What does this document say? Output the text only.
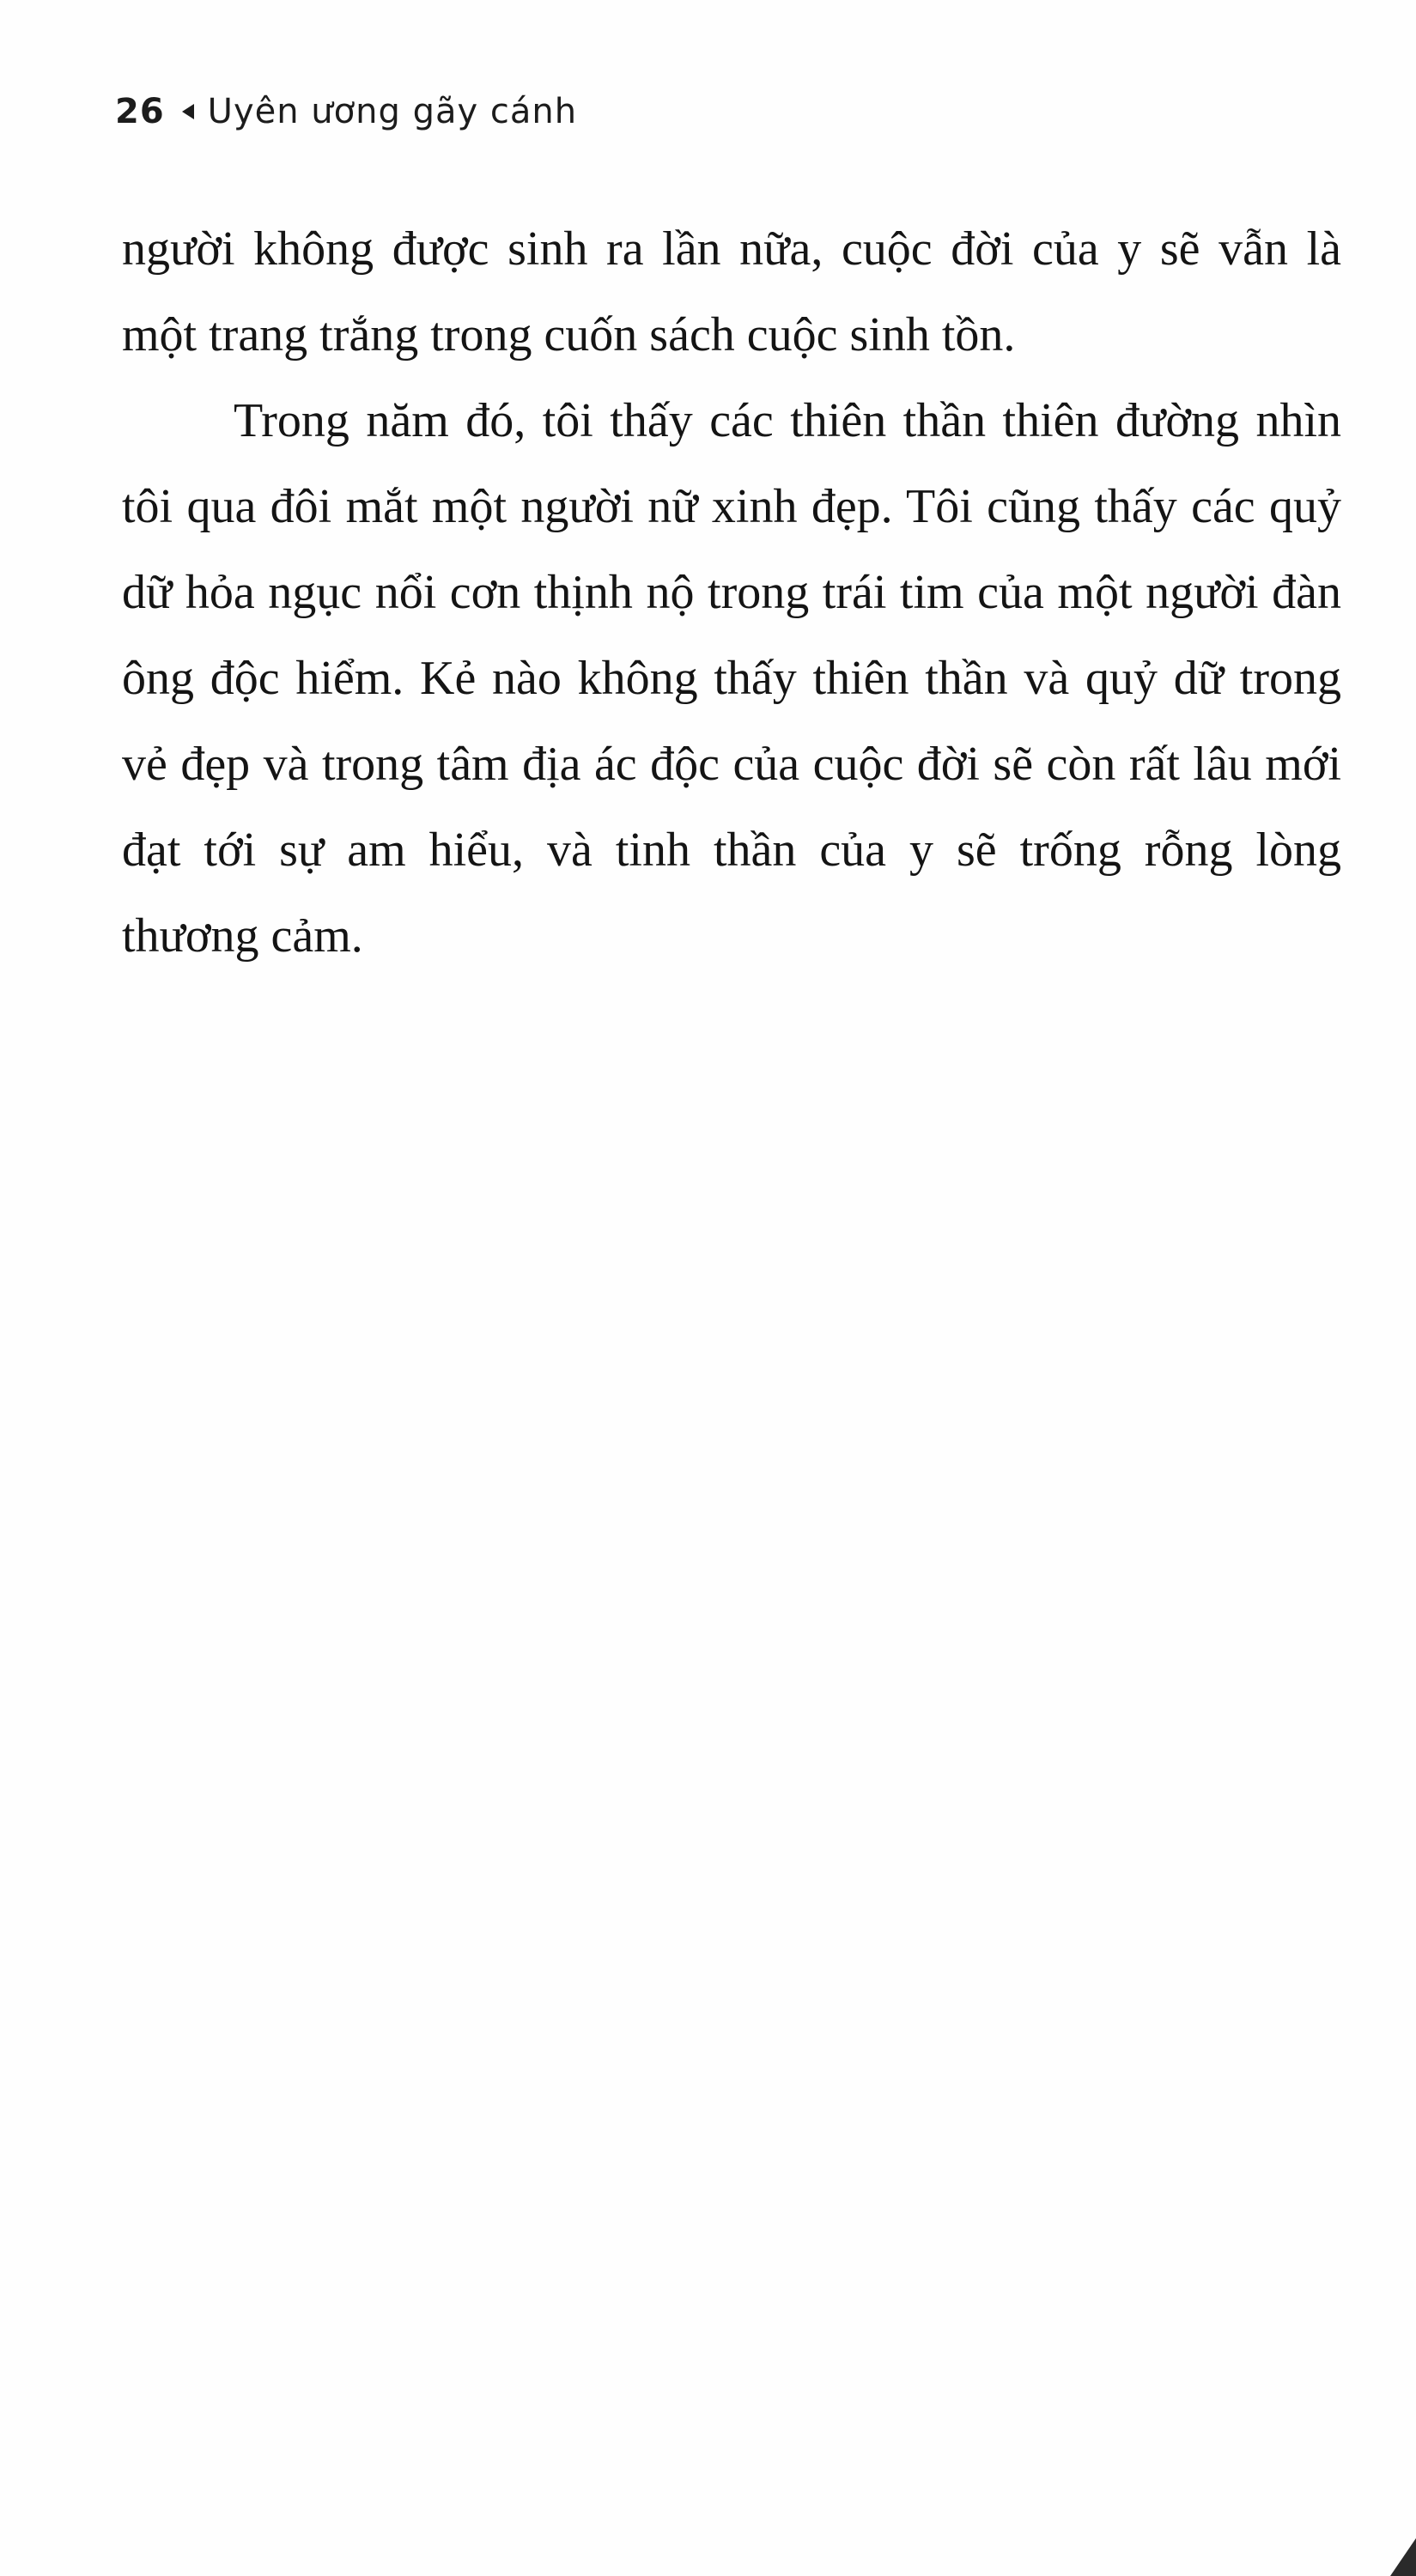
26 Uyên ương gãy cánh

người không được sinh ra lần nữa, cuộc đời của y sẽ vẫn là một trang trắng trong cuốn sách cuộc sinh tồn.

Trong năm đó, tôi thấy các thiên thần thiên đường nhìn tôi qua đôi mắt một người nữ xinh đẹp. Tôi cũng thấy các quỷ dữ hỏa ngục nổi cơn thịnh nộ trong trái tim của một người đàn ông độc hiểm. Kẻ nào không thấy thiên thần và quỷ dữ trong vẻ đẹp và trong tâm địa ác độc của cuộc đời sẽ còn rất lâu mới đạt tới sự am hiểu, và tinh thần của y sẽ trống rỗng lòng thương cảm.
